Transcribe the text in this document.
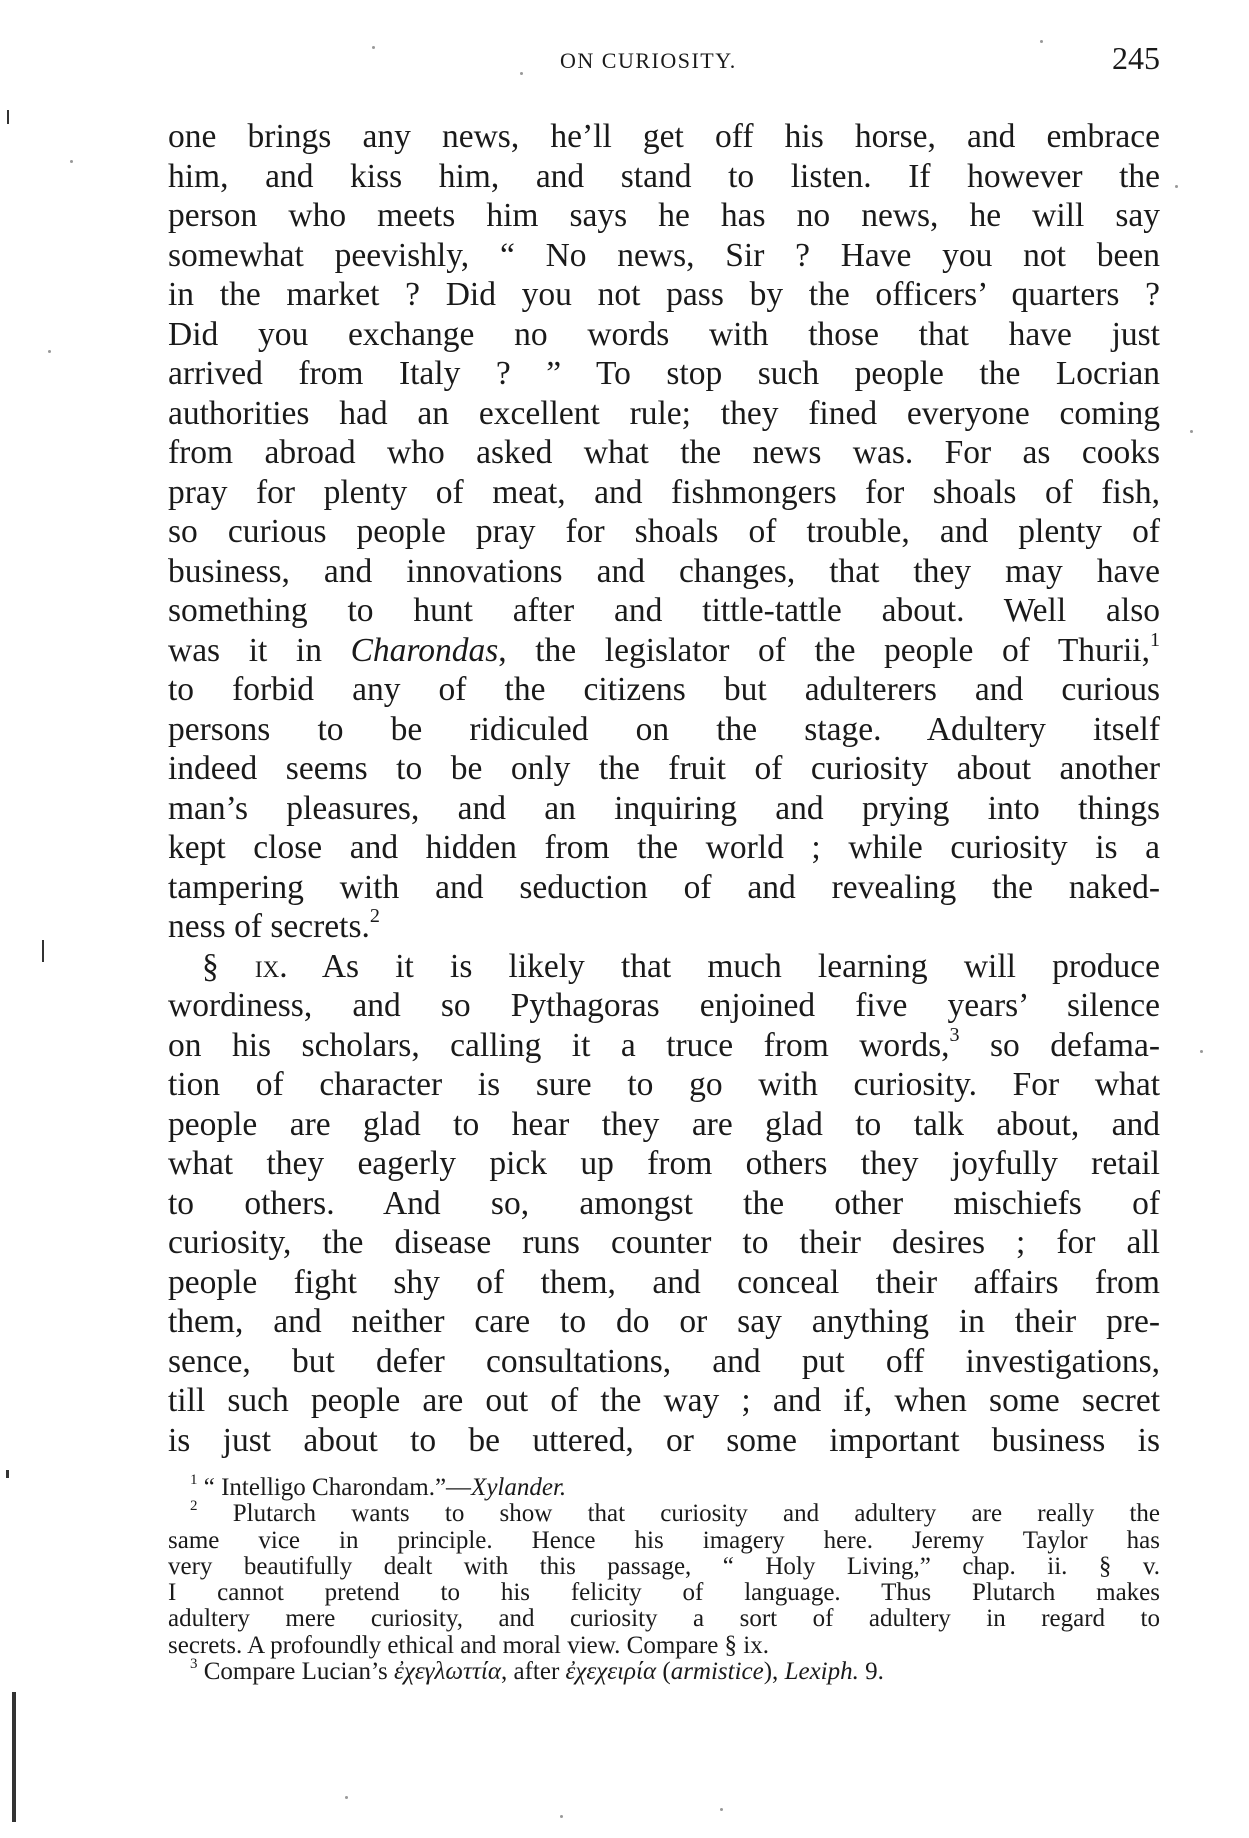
ON CURIOSITY.	245
one brings any news, he’ll get off his horse, and embrace
him, and kiss him, and stand to listen. If however the
person who meets him says he has no news, he will say
somewhat peevishly, “ No news, Sir ? Have you not been
in the market ? Did you not pass by the officers’ quarters ?
Did you exchange no words with those that have just
arrived from Italy ? ” To stop such people the Locrian
authorities had an excellent rule; they fined everyone coming
from abroad who asked what the news was. For as cooks
pray for plenty of meat, and fishmongers for shoals of fish,
so curious people pray for shoals of trouble, and plenty of
business, and innovations and changes, that they may have
something to hunt after and tittle-tattle about. Well also
was it in Charondas, the legislator of the people of Thurii,$^1$
to forbid any of the citizens but adulterers and curious
persons to be ridiculed on the stage. Adultery itself
indeed seems to be only the fruit of curiosity about another
man’s pleasures, and an inquiring and prying into things
kept close and hidden from the world ; while curiosity is a
tampering with and seduction of and revealing the naked-
ness of secrets.$^2$
§ ix. As it is likely that much learning will produce
wordiness, and so Pythagoras enjoined five years’ silence
on his scholars, calling it a truce from words,$^3$ so defama-
tion of character is sure to go with curiosity. For what
people are glad to hear they are glad to talk about, and
what they eagerly pick up from others they joyfully retail
to others. And so, amongst the other mischiefs of
curiosity, the disease runs counter to their desires ; for all
people fight shy of them, and conceal their affairs from
them, and neither care to do or say anything in their pre-
sence, but defer consultations, and put off investigations,
till such people are out of the way ; and if, when some secret
is just about to be uttered, or some important business is
$^1$ “ Intelligo Charondam.”—Xylander.
$^2$ Plutarch wants to show that curiosity and adultery are really the
same vice in principle. Hence his imagery here. Jeremy Taylor has
very beautifully dealt with this passage, “ Holy Living,” chap. ii. § v.
I cannot pretend to his felicity of language. Thus Plutarch makes
adultery mere curiosity, and curiosity a sort of adultery in regard to
secrets. A profoundly ethical and moral view. Compare § ix.
$^3$ Compare Lucian’s ἐχεγλωττία, after ἐχεχειρία (armistice), Lexiph. 9.
